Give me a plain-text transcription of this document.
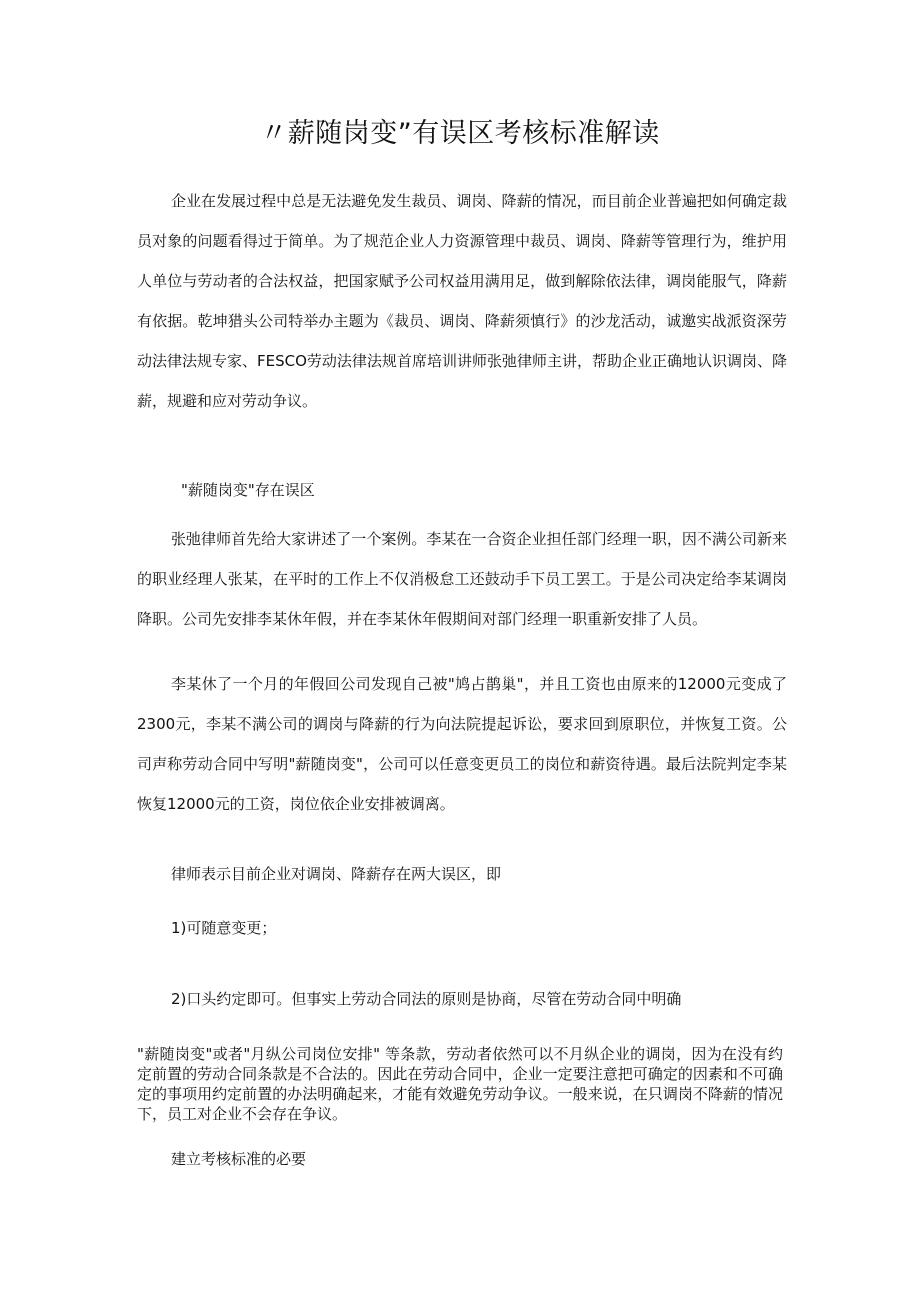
〃薪随岗变”有误区考核标准解读

企业在发展过程中总是无法避免发生裁员、调岗、降薪的情况，而目前企业普遍把如何确定裁员对象的问题看得过于简单。为了规范企业人力资源管理中裁员、调岗、降薪等管理行为，维护用人单位与劳动者的合法权益，把国家赋予公司权益用满用足，做到解除依法律，调岗能服气，降薪有依据。乾坤猎头公司特举办主题为《裁员、调岗、降薪须慎行》的沙龙活动，诚邀实战派资深劳动法律法规专家、FESCO劳动法律法规首席培训讲师张弛律师主讲，帮助企业正确地认识调岗、降薪，规避和应对劳动争议。

"薪随岗变"存在误区

张弛律师首先给大家讲述了一个案例。李某在一合资企业担任部门经理一职，因不满公司新来的职业经理人张某，在平时的工作上不仅消极怠工还鼓动手下员工罢工。于是公司决定给李某调岗降职。公司先安排李某休年假，并在李某休年假期间对部门经理一职重新安排了人员。

李某休了一个月的年假回公司发现自己被"鸠占鹊巢"，并且工资也由原来的12000元变成了2300元，李某不满公司的调岗与降薪的行为向法院提起诉讼，要求回到原职位，并恢复工资。公司声称劳动合同中写明"薪随岗变"，公司可以任意变更员工的岗位和薪资待遇。最后法院判定李某恢复12000元的工资，岗位依企业安排被调离。

律师表示目前企业对调岗、降薪存在两大误区，即

1)可随意变更；

2)口头约定即可。但事实上劳动合同法的原则是协商，尽管在劳动合同中明确

"薪随岗变"或者"月纵公司岗位安排" 等条款，劳动者依然可以不月纵企业的调岗，因为在没有约定前置的劳动合同条款是不合法的。因此在劳动合同中，企业一定要注意把可确定的因素和不可确定的事项用约定前置的办法明确起来，才能有效避免劳动争议。一般来说，在只调岗不降薪的情况下，员工对企业不会存在争议。

建立考核标准的必要
